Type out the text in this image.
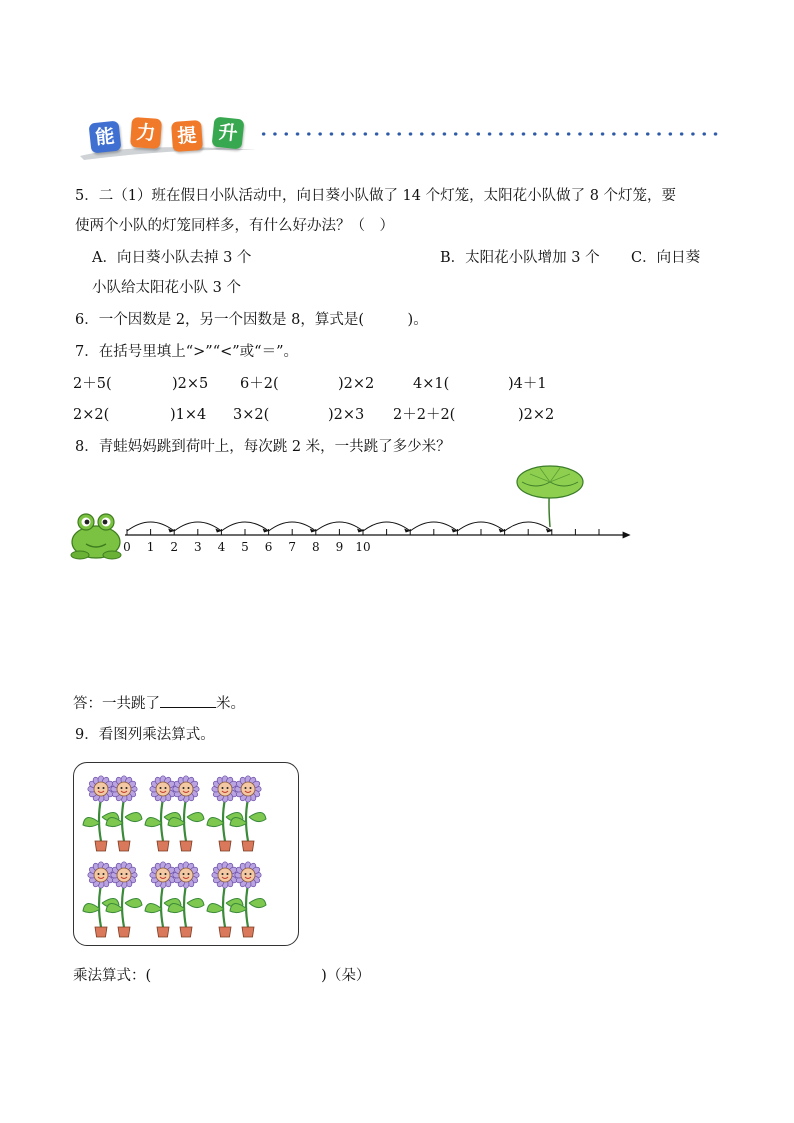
能	力	提	升
5．二（1）班在假日小队活动中，向日葵小队做了 14 个灯笼，太阳花小队做了 8 个灯笼，要
使两个小队的灯笼同样多，有什么好办法？（　）
A．向日葵小队去掉 3 个	B．太阳花小队增加 3 个 C．向日葵
小队给太阳花小队 3 个
6．一个因数是 2，另一个因数是 8，算式是(　　　)。
7．在括号里填上“>”“<”或“＝”。
2＋5(	)2×5 6＋2(	)2×2	4×1(	)4＋1
2×2(	)1×4 3×2(	)2×3 2＋2＋2(	)2×2
8．青蛙妈妈跳到荷叶上，每次跳 2 米，一共跳了多少米？
0 1 2 3 4 5 6 7 8 9 10
答：一共跳了	米。
9．看图列乘法算式。
乘法算式：(	)（朵）
